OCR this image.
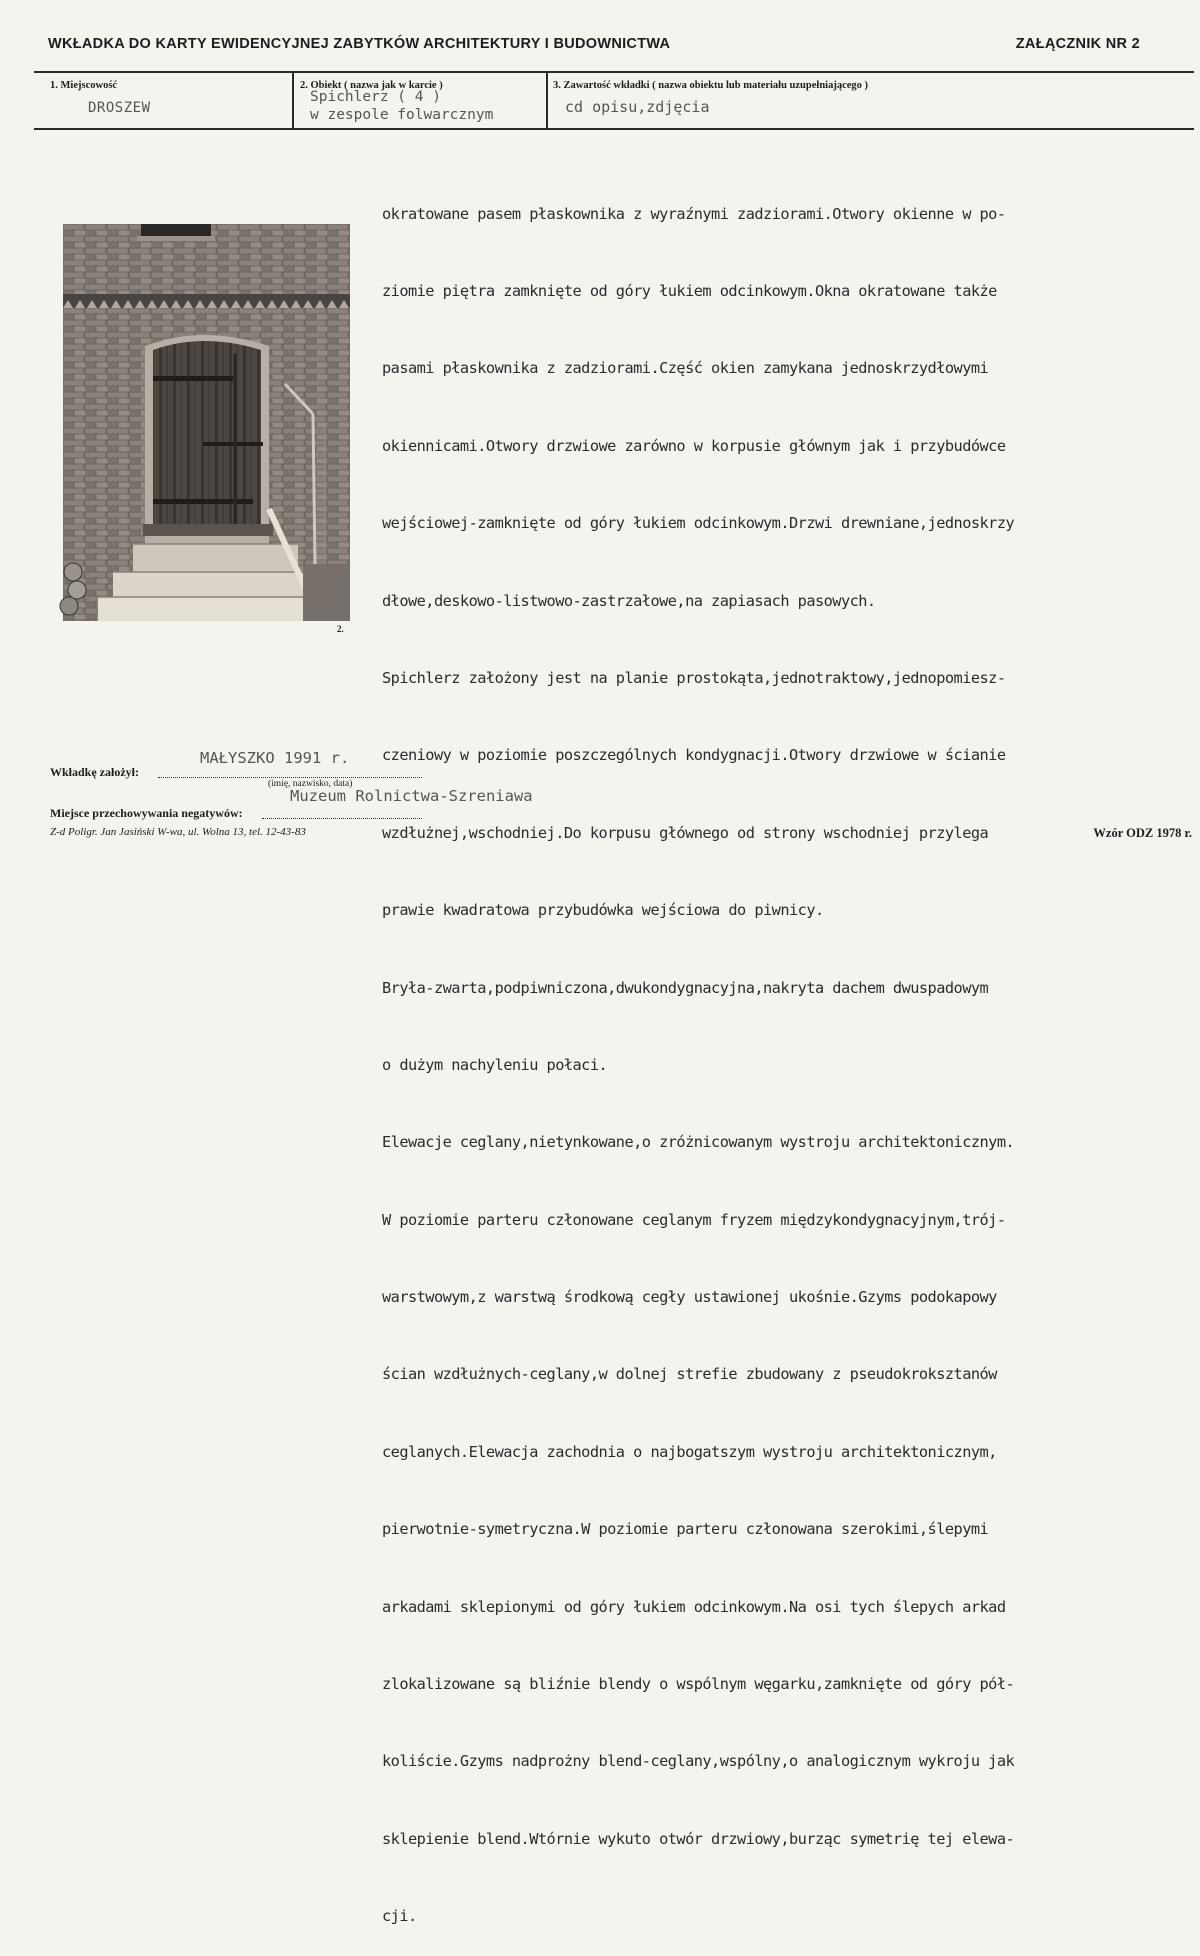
WKŁADKA DO KARTY EWIDENCYJNEJ ZABYTKÓW ARCHITEKTURY I BUDOWNICTWA	ZAŁĄCZNIK NR 2
1. Miejscowość
DROSZEW
2. Obiekt ( nazwa jak w karcie )
Spichlerz ( 4 )
w zespole folwarcznym
3. Zawartość wkładki ( nazwa obiektu lub materiału uzupełniającego )
cd opisu,zdjęcia
2.

okratowane pasem płaskownika z wyraźnymi zadziorami.Otwory okienne w po-

ziomie piętra zamknięte od góry łukiem odcinkowym.Okna okratowane także

pasami płaskownika z zadziorami.Część okien zamykana jednoskrzydłowymi

okiennicami.Otwory drzwiowe zarówno w korpusie głównym jak i przybudówce

wejściowej-zamknięte od góry łukiem odcinkowym.Drzwi drewniane,jednoskrzy

dłowe,deskowo-listwowo-zastrzałowe,na zapiasach pasowych.

Spichlerz założony jest na planie prostokąta,jednotraktowy,jednopomiesz-

czeniowy w poziomie poszczególnych kondygnacji.Otwory drzwiowe w ścianie

wzdłużnej,wschodniej.Do korpusu głównego od strony wschodniej przylega

prawie kwadratowa przybudówka wejściowa do piwnicy.

Bryła-zwarta,podpiwniczona,dwukondygnacyjna,nakryta dachem dwuspadowym

o dużym nachyleniu połaci.

Elewacje ceglany,nietynkowane,o zróżnicowanym wystroju architektonicznym.

W poziomie parteru członowane ceglanym fryzem międzykondygnacyjnym,trój-

warstwowym,z warstwą środkową cegły ustawionej ukośnie.Gzyms podokapowy

ścian wzdłużnych-ceglany,w dolnej strefie zbudowany z pseudokroksztanów

ceglanych.Elewacja zachodnia o najbogatszym wystroju architektonicznym,

pierwotnie-symetryczna.W poziomie parteru członowana szerokimi,ślepymi

arkadami sklepionymi od góry łukiem odcinkowym.Na osi tych ślepych arkad

zlokalizowane są bliźnie blendy o wspólnym węgarku,zamknięte od góry pół-

koliście.Gzyms nadprożny blend-ceglany,wspólny,o analogicznym wykroju jak

sklepienie blend.Wtórnie wykuto otwór drzwiowy,burząc symetrię tej elewa-

cji.

MAŁYSZKO 1991 r.
Wkładkę założył:
(imię, nazwisko, data)
Muzeum Rolnictwa-Szreniawa
Miejsce przechowywania negatywów:
Z-d Poligr. Jan Jasiński W-wa, ul. Wolna 13, tel. 12-43-83	Wzór ODZ 1978 r.
